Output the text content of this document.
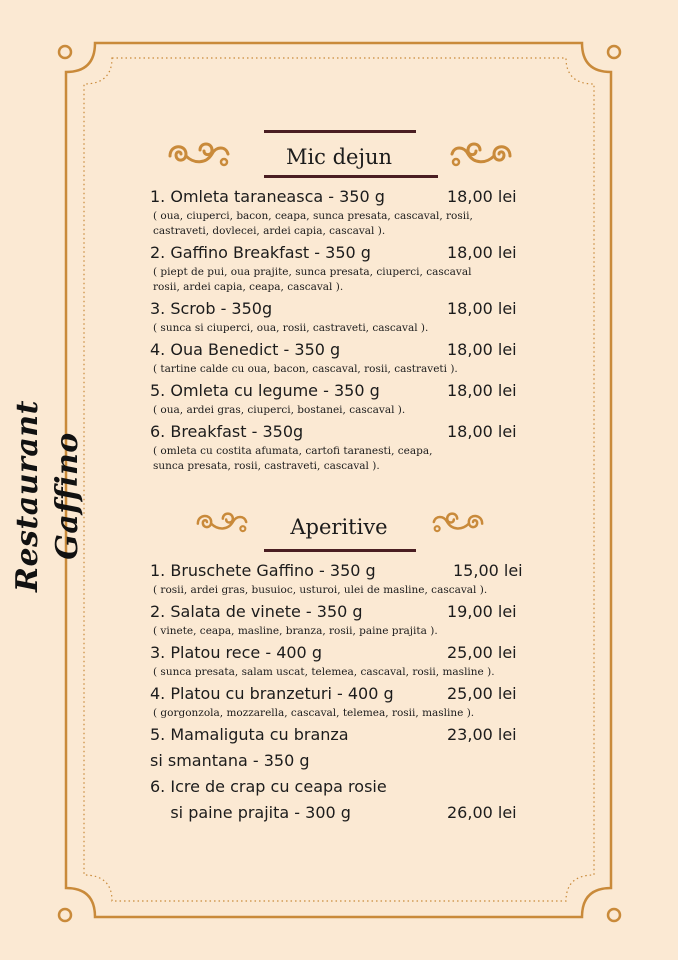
Restaurant Gaffino
Mic dejun
1. Omleta taraneasca - 350 g	18,00 lei
( oua, ciuperci, bacon, ceapa, sunca presata, cascaval, rosii,
castraveti, dovlecei, ardei capia, cascaval ).
2. Gaffino Breakfast - 350 g	18,00 lei
( piept de pui, oua prajite, sunca presata, ciuperci, cascaval
rosii, ardei capia, ceapa, cascaval ).
3. Scrob - 350g	18,00 lei
( sunca si ciuperci, oua, rosii, castraveti, cascaval ).
4. Oua Benedict - 350 g	18,00 lei
( tartine calde cu oua, bacon, cascaval, rosii, castraveti ).
5. Omleta cu legume - 350 g	18,00 lei
( oua, ardei gras, ciuperci, bostanei, cascaval ).
6. Breakfast - 350g	18,00 lei
( omleta cu costita afumata, cartofi taranesti, ceapa,
sunca presata, rosii, castraveti, cascaval ).
Aperitive
1. Bruschete Gaffino - 350 g	15,00 lei
( rosii, ardei gras, busuioc, usturoi, ulei de masline, cascaval ).
2. Salata de vinete - 350 g	19,00 lei
( vinete, ceapa, masline, branza, rosii, paine prajita ).
3. Platou rece - 400 g	25,00 lei
( sunca presata, salam uscat, telemea, cascaval, rosii, masline ).
4. Platou cu branzeturi - 400 g	25,00 lei
( gorgonzola, mozzarella, cascaval, telemea, rosii, masline ).
5. Mamaliguta cu branza	23,00 lei
si smantana - 350 g
6. Icre de crap cu ceapa rosie
si paine prajita - 300 g	26,00 lei
